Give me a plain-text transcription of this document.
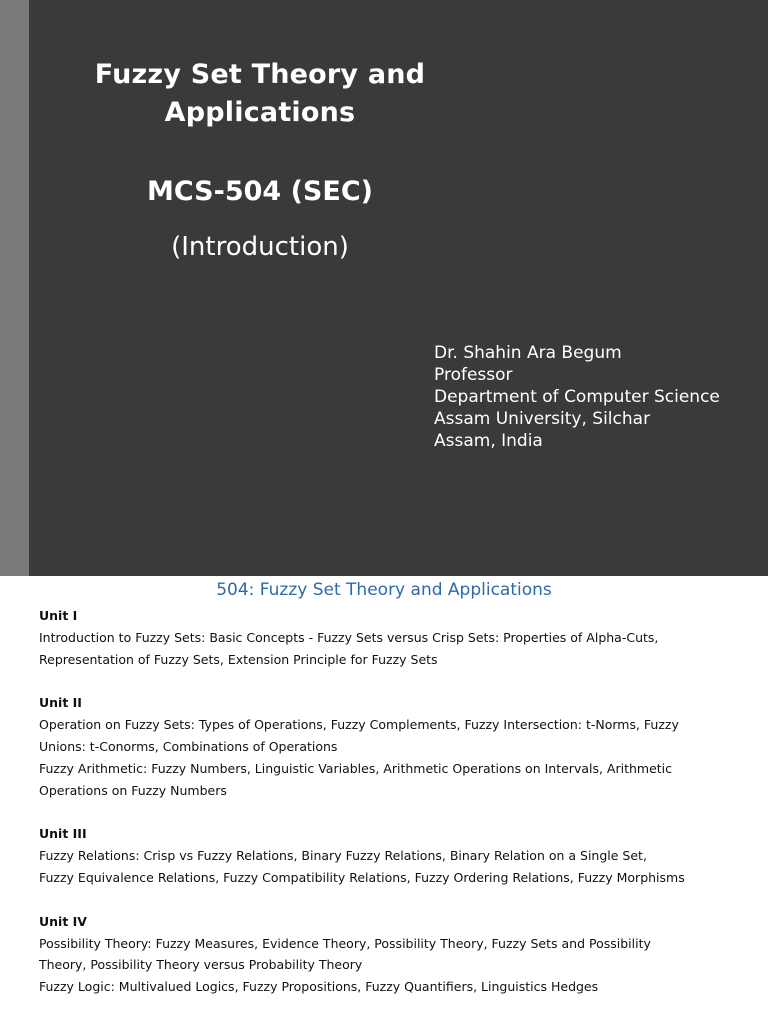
Fuzzy Set Theory and
Applications
MCS-504 (SEC)
(Introduction)
Dr. Shahin Ara Begum
Professor
Department of Computer Science
Assam University, Silchar
Assam, India
504: Fuzzy Set Theory and Applications
Unit I
Introduction to Fuzzy Sets: Basic Concepts - Fuzzy Sets versus Crisp Sets: Properties of Alpha-Cuts,
Representation of Fuzzy Sets, Extension Principle for Fuzzy Sets
Unit II
Operation on Fuzzy Sets: Types of Operations, Fuzzy Complements, Fuzzy Intersection: t-Norms, Fuzzy
Unions: t-Conorms, Combinations of Operations
Fuzzy Arithmetic: Fuzzy Numbers, Linguistic Variables, Arithmetic Operations on Intervals, Arithmetic
Operations on Fuzzy Numbers
Unit III
Fuzzy Relations: Crisp vs Fuzzy Relations, Binary Fuzzy Relations, Binary Relation on a Single Set,
Fuzzy Equivalence Relations, Fuzzy Compatibility Relations, Fuzzy Ordering Relations, Fuzzy Morphisms
Unit IV
Possibility Theory: Fuzzy Measures, Evidence Theory, Possibility Theory, Fuzzy Sets and Possibility
Theory, Possibility Theory versus Probability Theory
Fuzzy Logic: Multivalued Logics, Fuzzy Propositions, Fuzzy Quantifiers, Linguistics Hedges
